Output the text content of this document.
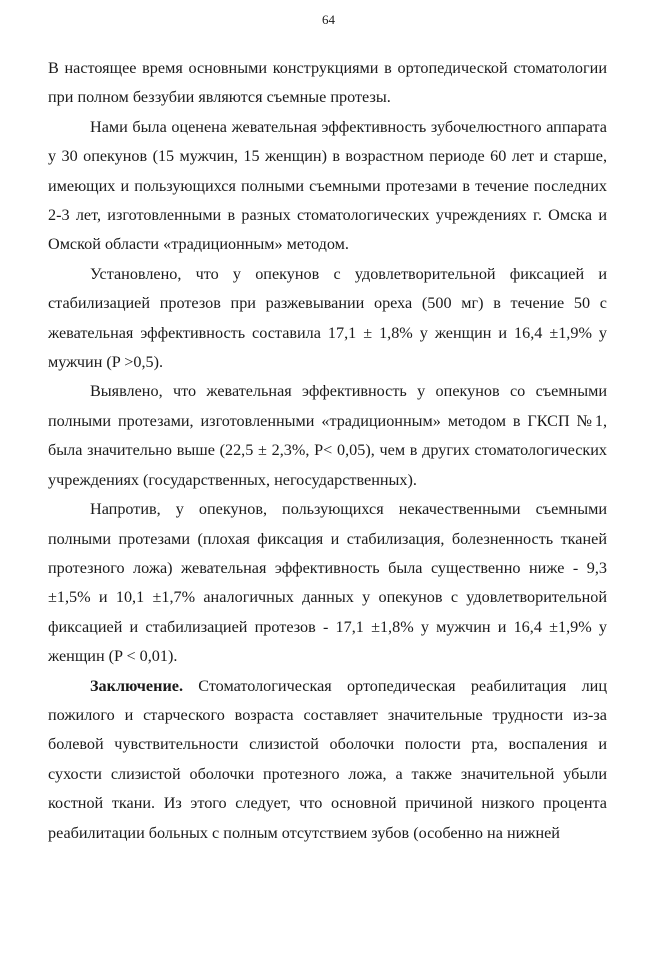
64

В настоящее время основными конструкциями в ортопедической стоматологии при полном беззубии являются съемные протезы.

Нами была оценена жевательная эффективность зубочелюстного аппарата у 30 опекунов (15 мужчин, 15 женщин) в возрастном периоде 60 лет и старше, имеющих и пользующихся полными съемными протезами в течение последних 2-3 лет, изготовленными в разных стоматологических учреждениях г. Омска и Омской области «традиционным» методом.

Установлено, что у опекунов с удовлетворительной фиксацией и стабилизацией протезов при разжевывании ореха (500 мг) в течение 50 с жевательная эффективность составила 17,1 ± 1,8% у женщин и 16,4 ±1,9% у мужчин (P >0,5).

Выявлено, что жевательная эффективность у опекунов со съемными полными протезами, изготовленными «традиционным» методом в ГКСП №1, была значительно выше (22,5 ± 2,3%, P< 0,05), чем в других стоматологических учреждениях (государственных, негосударственных).

Напротив, у опекунов, пользующихся некачественными съемными полными протезами (плохая фиксация и стабилизация, болезненность тканей протезного ложа) жевательная эффективность была существенно ниже - 9,3 ±1,5% и 10,1 ±1,7% аналогичных данных у опекунов с удовлетворительной фиксацией и стабилизацией протезов - 17,1 ±1,8% у мужчин и 16,4 ±1,9% у женщин (P < 0,01).

Заключение. Стоматологическая ортопедическая реабилитация лиц пожилого и старческого возраста составляет значительные трудности из-за болевой чувствительности слизистой оболочки полости рта, воспаления и сухости слизистой оболочки протезного ложа, а также значительной убыли костной ткани. Из этого следует, что основной причиной низкого процента реабилитации больных с полным отсутствием зубов (особенно на нижней
